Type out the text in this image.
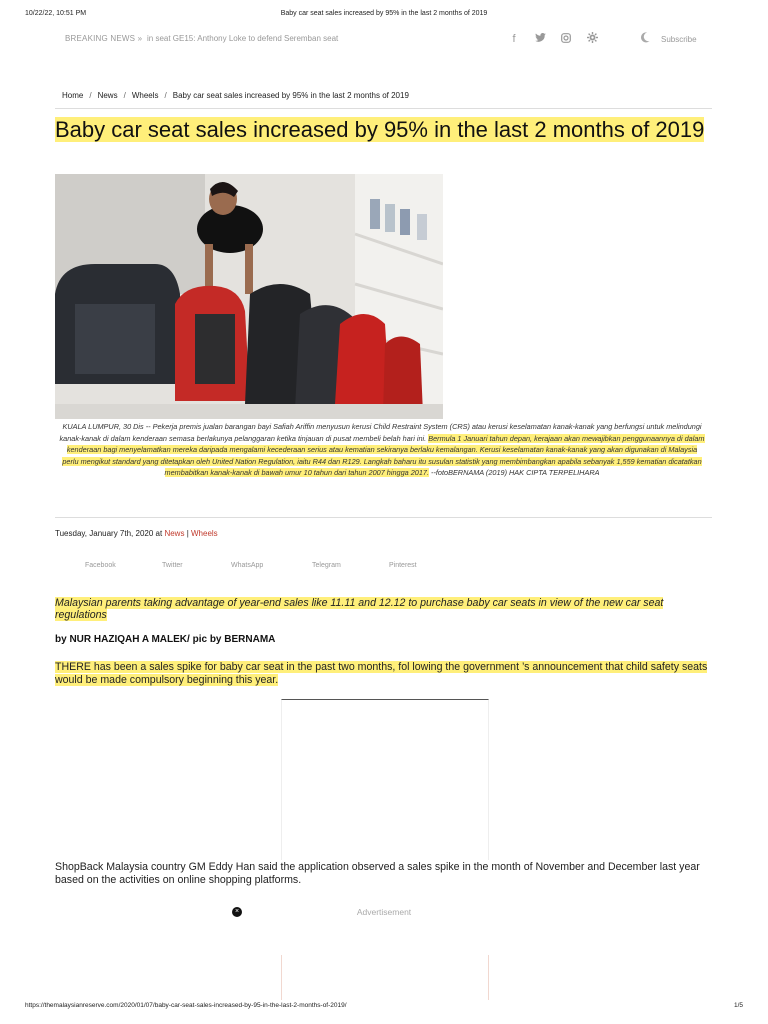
10/22/22, 10:51 PM	Baby car seat sales increased by 95% in the last 2 months of 2019
BREAKING NEWS » in seat GE15: Anthony Loke to defend Seremban seat	f	Subscribe
Home / News / Wheels / Baby car seat sales increased by 95% in the last 2 months of 2019
Baby car seat sales increased by 95% in the last 2 months of 2019
KUALA LUMPUR, 30 Dis -- Pekerja premis jualan barangan bayi Safiah Ariffin menyusun kerusi Child Restraint System (CRS) atau kerusi keselamatan kanak-kanak yang berfungsi untuk melindungi kanak-kanak di dalam kenderaan semasa berlakunya pelanggaran ketika tinjauan di pusat membeli belah hari ini. Bermula 1 Januari tahun depan, kerajaan akan mewajibkan penggunaannya di dalam kenderaan bagi menyelamatkan mereka daripada mengalami kecederaan serius atau kematian sekiranya berlaku kemalangan. Kerusi keselamatan kanak-kanak yang akan digunakan di Malaysia perlu mengikut standard yang ditetapkan oleh United Nation Regulation, iaitu R44 dan R129. Langkah baharu itu susulan statistik yang membimbangkan apabila sebanyak 1,559 kematian dicatatkan membabitkan kanak-kanak di bawah umur 10 tahun dari tahun 2007 hingga 2017. --fotoBERNAMA (2019) HAK CIPTA TERPELIHARA
Tuesday, January 7th, 2020 at News | Wheels
Facebook	Twitter	WhatsApp	Telegram	Pinterest
Malaysian parents taking advantage of year-end sales like 11.11 and 12.12 to purchase baby car seats in view of the new car seat regulations
by NUR HAZIQAH A MALEK/ pic by BERNAMA
THERE has been a sales spike for baby car seat in the past two months, fol lowing the government ’s announcement that child safety seats would be made compulsory beginning this year.
ShopBack Malaysia country GM Eddy Han said the application observed a sales spike in the month of November and December last year based on the activities on online shopping platforms.
×	Advertisement
https://themalaysianreserve.com/2020/01/07/baby-car-seat-sales-increased-by-95-in-the-last-2-months-of-2019/	1/5
